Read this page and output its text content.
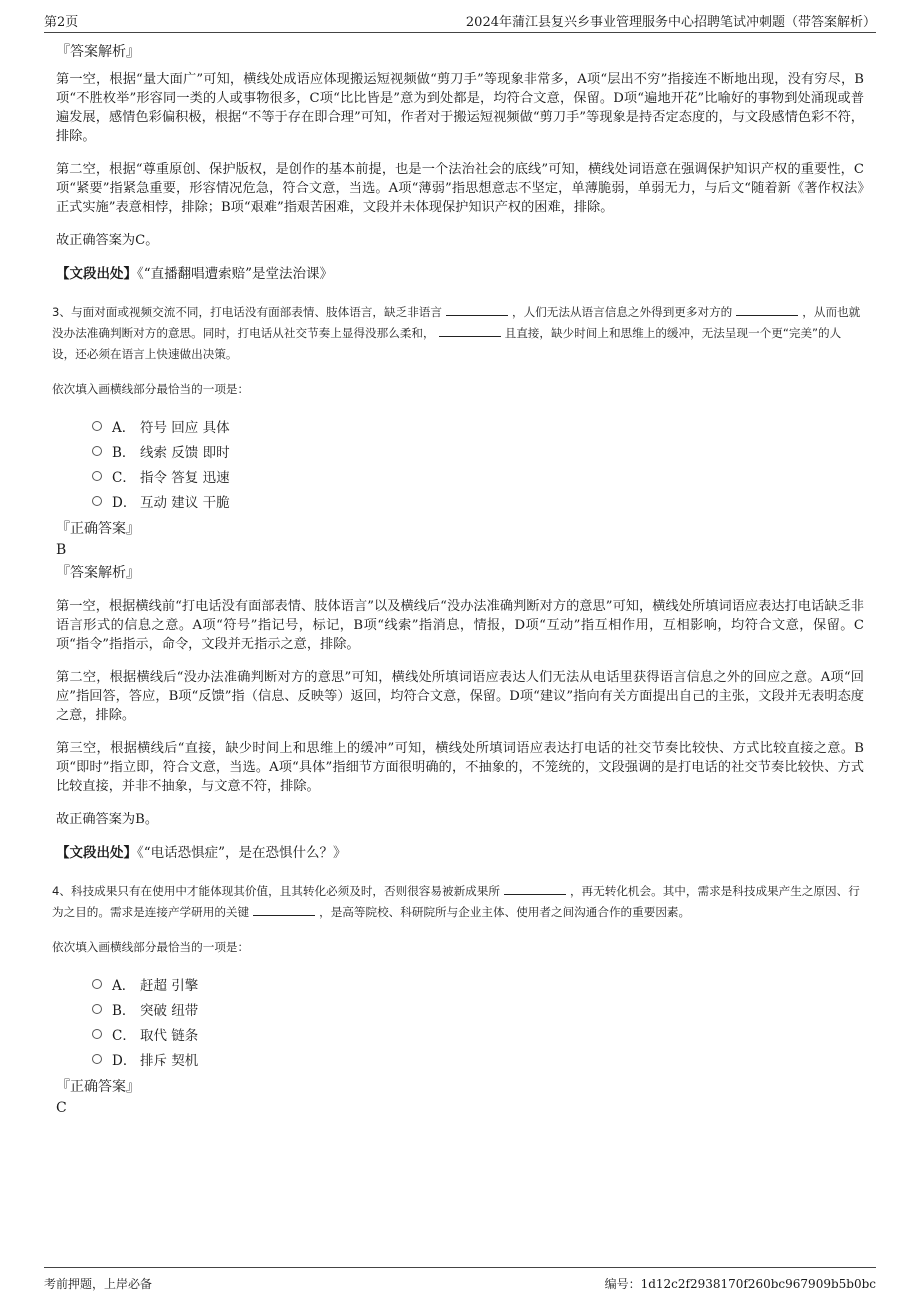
第2页	2024年蒲江县复兴乡事业管理服务中心招聘笔试冲刺题（带答案解析）
『答案解析』

第一空，根据“量大面广”可知，横线处成语应体现搬运短视频做“剪刀手”等现象非常多，A项“层出不穷”指接连不断地出现，没有穷尽，B项“不胜枚举”形容同一类的人或事物很多，C项“比比皆是”意为到处都是，均符合文意，保留。D项“遍地开花”比喻好的事物到处涌现或普遍发展，感情色彩偏积极，根据“不等于存在即合理”可知，作者对于搬运短视频做“剪刀手”等现象是持否定态度的，与文段感情色彩不符，排除。

第二空，根据“尊重原创、保护版权，是创作的基本前提，也是一个法治社会的底线”可知，横线处词语意在强调保护知识产权的重要性，C项“紧要”指紧急重要，形容情况危急，符合文意，当选。A项“薄弱”指思想意志不坚定，单薄脆弱，单弱无力，与后文“随着新《著作权法》正式实施”表意相悖，排除；B项“艰难”指艰苦困难，文段并未体现保护知识产权的困难，排除。

故正确答案为C。

【文段出处】《“直播翻唱遭索赔”是堂法治课》
3、与面对面或视频交流不同，打电话没有面部表情、肢体语言，缺乏非语言	，人们无法从语言信息之外得到更多对方的	，从而也就没办法准确判断对方的意思。同时，打电话从社交节奏上显得没那么柔和，	且直接，缺少时间上和思维上的缓冲，无法呈现一个更“完美”的人设，还必须在语言上快速做出决策。
依次填入画横线部分最恰当的一项是：
A． 符号 回应 具体
B． 线索 反馈 即时
C． 指令 答复 迅速
D． 互动 建议 干脆
『正确答案』
B
『答案解析』

第一空，根据横线前“打电话没有面部表情、肢体语言”以及横线后“没办法准确判断对方的意思”可知，横线处所填词语应表达打电话缺乏非语言形式的信息之意。A项“符号”指记号，标记，B项“线索”指消息，情报，D项“互动”指互相作用，互相影响，均符合文意，保留。C项“指令”指指示，命令，文段并无指示之意，排除。

第二空，根据横线后“没办法准确判断对方的意思”可知，横线处所填词语应表达人们无法从电话里获得语言信息之外的回应之意。A项“回应”指回答，答应，B项“反馈”指（信息、反映等）返回，均符合文意，保留。D项“建议”指向有关方面提出自己的主张，文段并无表明态度之意，排除。

第三空，根据横线后“直接，缺少时间上和思维上的缓冲”可知，横线处所填词语应表达打电话的社交节奏比较快、方式比较直接之意。B项“即时”指立即，符合文意，当选。A项“具体”指细节方面很明确的，不抽象的，不笼统的，文段强调的是打电话的社交节奏比较快、方式比较直接，并非不抽象，与文意不符，排除。

故正确答案为B。

【文段出处】《“电话恐惧症”，是在恐惧什么？》
4、科技成果只有在使用中才能体现其价值，且其转化必须及时，否则很容易被新成果所	，再无转化机会。其中，需求是科技成果产生之原因、行为之目的。需求是连接产学研用的关键	，是高等院校、科研院所与企业主体、使用者之间沟通合作的重要因素。
依次填入画横线部分最恰当的一项是：
A． 赶超 引擎
B． 突破 纽带
C． 取代 链条
D． 排斥 契机
『正确答案』
C
考前押题，上岸必备	编号：1d12c2f2938170f260bc967909b5b0bc
